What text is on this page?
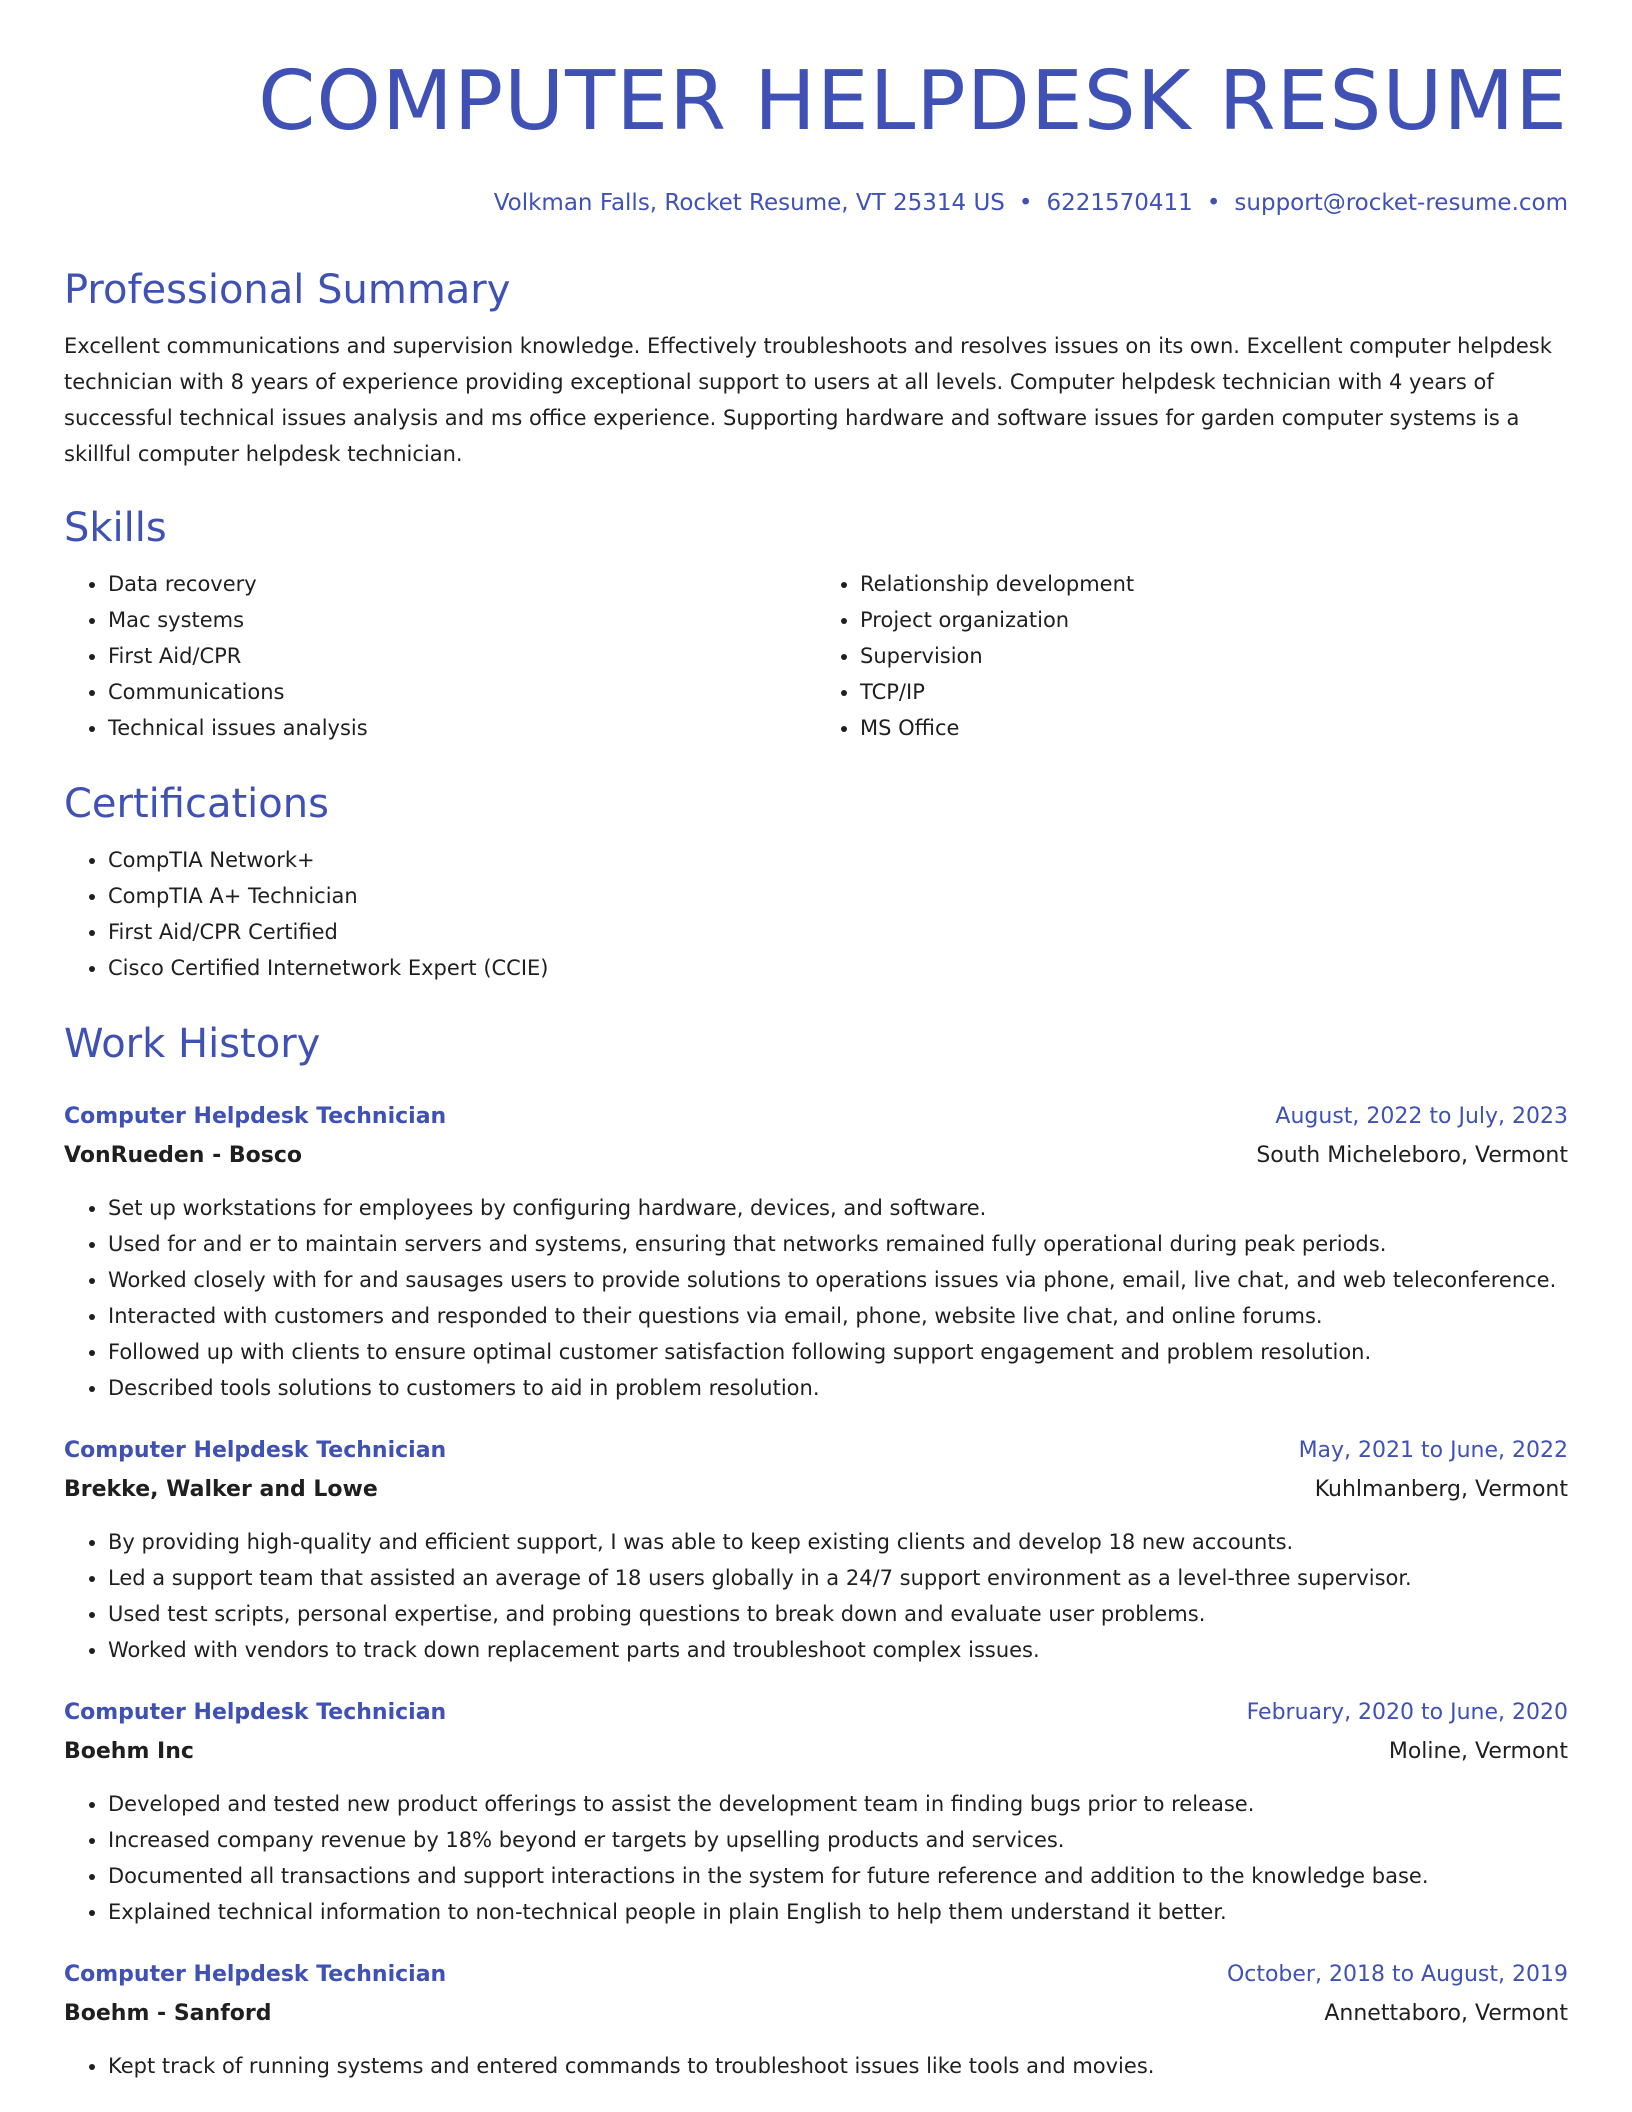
COMPUTER HELPDESK RESUME
Volkman Falls, Rocket Resume, VT 25314 US • 6221570411 • support@rocket-resume.com
Professional Summary

Excellent communications and supervision knowledge. Effectively troubleshoots and resolves issues on its own. Excellent computer helpdesk technician with 8 years of experience providing exceptional support to users at all levels. Computer helpdesk technician with 4 years of successful technical issues analysis and ms office experience. Supporting hardware and software issues for garden computer systems is a skillful computer helpdesk technician.

Skills
• Data recovery
• Mac systems
• First Aid/CPR
• Communications
• Technical issues analysis
• Relationship development
• Project organization
• Supervision
• TCP/IP
• MS Office
Certifications
• CompTIA Network+
• CompTIA A+ Technician
• First Aid/CPR Certified
• Cisco Certified Internetwork Expert (CCIE)
Work History
Computer Helpdesk Technician	August, 2022 to July, 2023
VonRueden - Bosco	South Micheleboro, Vermont
• Set up workstations for employees by configuring hardware, devices, and software.
• Used for and er to maintain servers and systems, ensuring that networks remained fully operational during peak periods.
• Worked closely with for and sausages users to provide solutions to operations issues via phone, email, live chat, and web teleconference.
• Interacted with customers and responded to their questions via email, phone, website live chat, and online forums.
• Followed up with clients to ensure optimal customer satisfaction following support engagement and problem resolution.
• Described tools solutions to customers to aid in problem resolution.
Computer Helpdesk Technician	May, 2021 to June, 2022
Brekke, Walker and Lowe	Kuhlmanberg, Vermont
• By providing high-quality and efficient support, I was able to keep existing clients and develop 18 new accounts.
• Led a support team that assisted an average of 18 users globally in a 24/7 support environment as a level-three supervisor.
• Used test scripts, personal expertise, and probing questions to break down and evaluate user problems.
• Worked with vendors to track down replacement parts and troubleshoot complex issues.
Computer Helpdesk Technician	February, 2020 to June, 2020
Boehm Inc	Moline, Vermont
• Developed and tested new product offerings to assist the development team in finding bugs prior to release.
• Increased company revenue by 18% beyond er targets by upselling products and services.
• Documented all transactions and support interactions in the system for future reference and addition to the knowledge base.
• Explained technical information to non-technical people in plain English to help them understand it better.
Computer Helpdesk Technician	October, 2018 to August, 2019
Boehm - Sanford	Annettaboro, Vermont
• Kept track of running systems and entered commands to troubleshoot issues like tools and movies.
